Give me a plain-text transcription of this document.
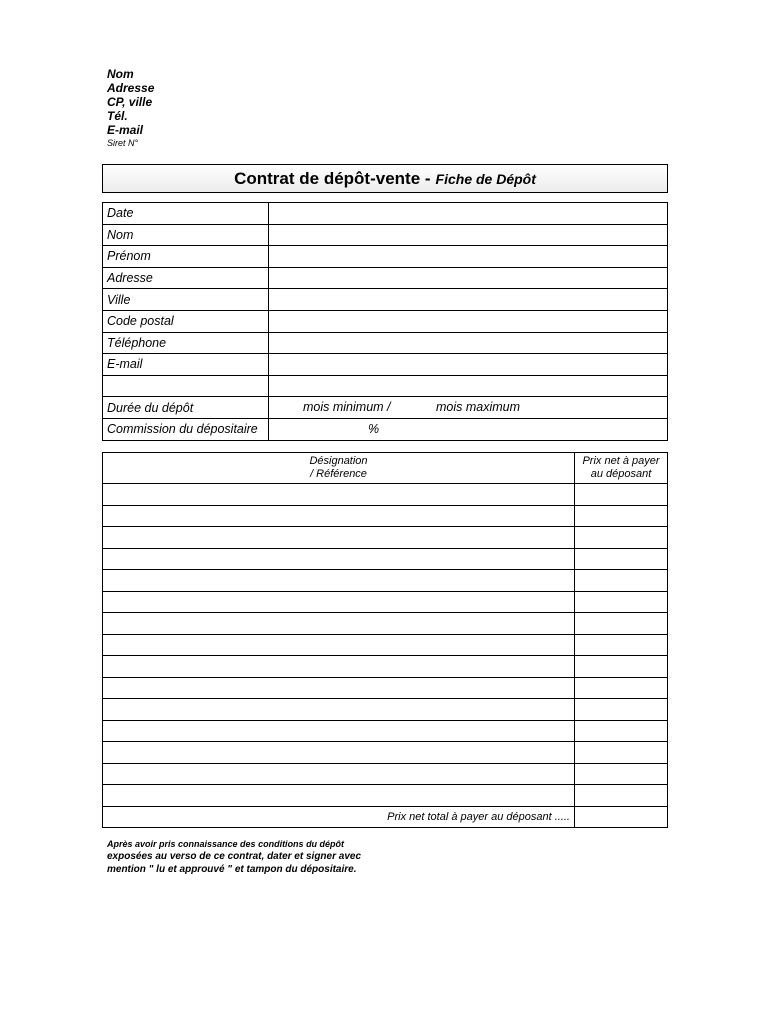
Nom
Adresse
CP, ville
Tél.
E-mail
Siret N°
Contrat de dépôt-vente - Fiche de Dépôt
Date	
Nom	
Prénom	
Adresse	
Ville	
Code postal	
Téléphone	
E-mail	

Durée du dépôt	mois minimum / mois maximum

Commission du dépositaire	%
Désignation
/ Référence	Prix net à payer
au déposant

Prix net total à payer au déposant .....	
Après avoir pris connaissance des conditions du dépôt
exposées au verso de ce contrat, dater et signer avec
mention " lu et approuvé " et tampon du dépositaire.
